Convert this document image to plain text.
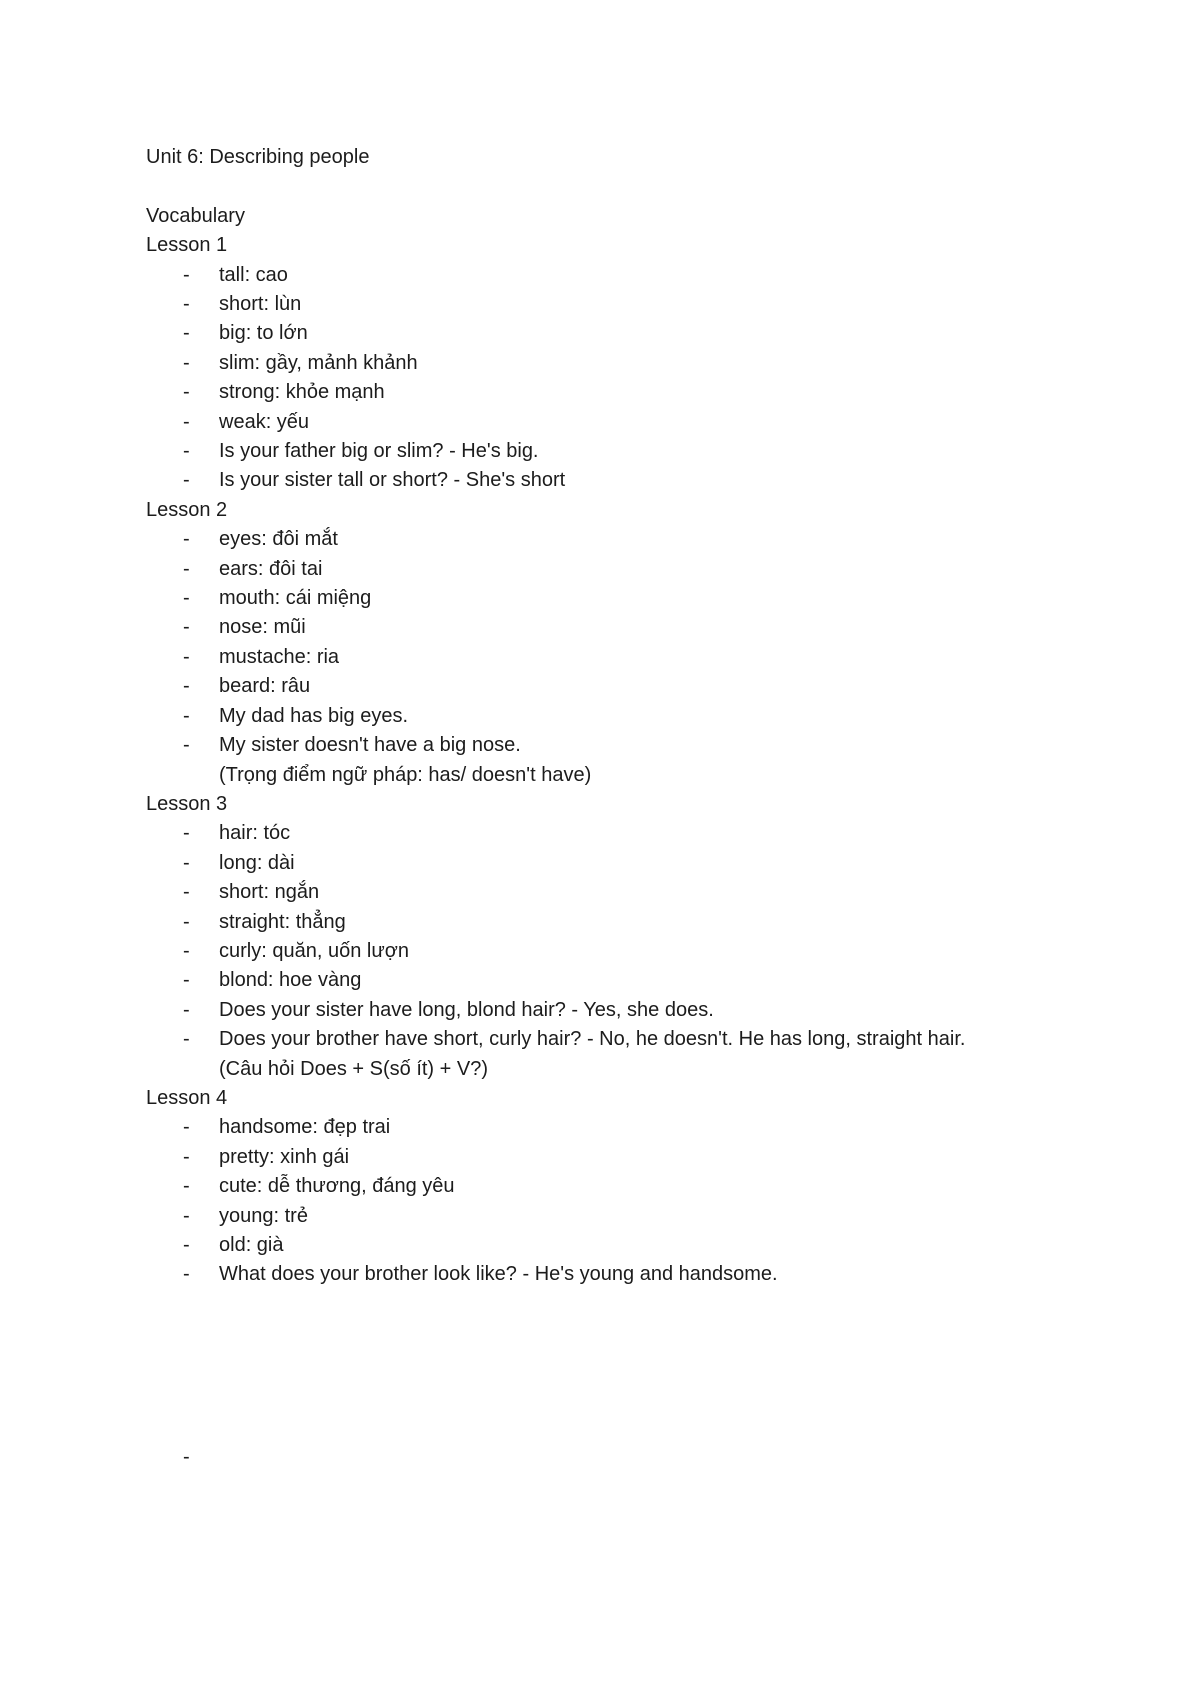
Unit 6: Describing people

Vocabulary

Lesson 1

- tall: cao
- short: lùn
- big: to lớn
- slim: gầy, mảnh khảnh
- strong: khỏe mạnh
- weak: yếu
- Is your father big or slim? - He's big.
- Is your sister tall or short? - She's short

Lesson 2

- eyes: đôi mắt
- ears: đôi tai
- mouth: cái miệng
- nose: mũi
- mustache: ria
- beard: râu
- My dad has big eyes.
- My sister doesn't have a big nose.
(Trọng điểm ngữ pháp: has/ doesn't have)

Lesson 3

- hair: tóc
- long: dài
- short: ngắn
- straight: thẳng
- curly: quăn, uốn lượn
- blond: hoe vàng
- Does your sister have long, blond hair? - Yes, she does.
- Does your brother have short, curly hair? - No, he doesn't. He has long, straight hair.
(Câu hỏi Does + S(số ít) + V?)

Lesson 4

- handsome: đẹp trai
- pretty: xinh gái
- cute: dễ thương, đáng yêu
- young: trẻ
- old: già
- What does your brother look like? - He's young and handsome.
-
